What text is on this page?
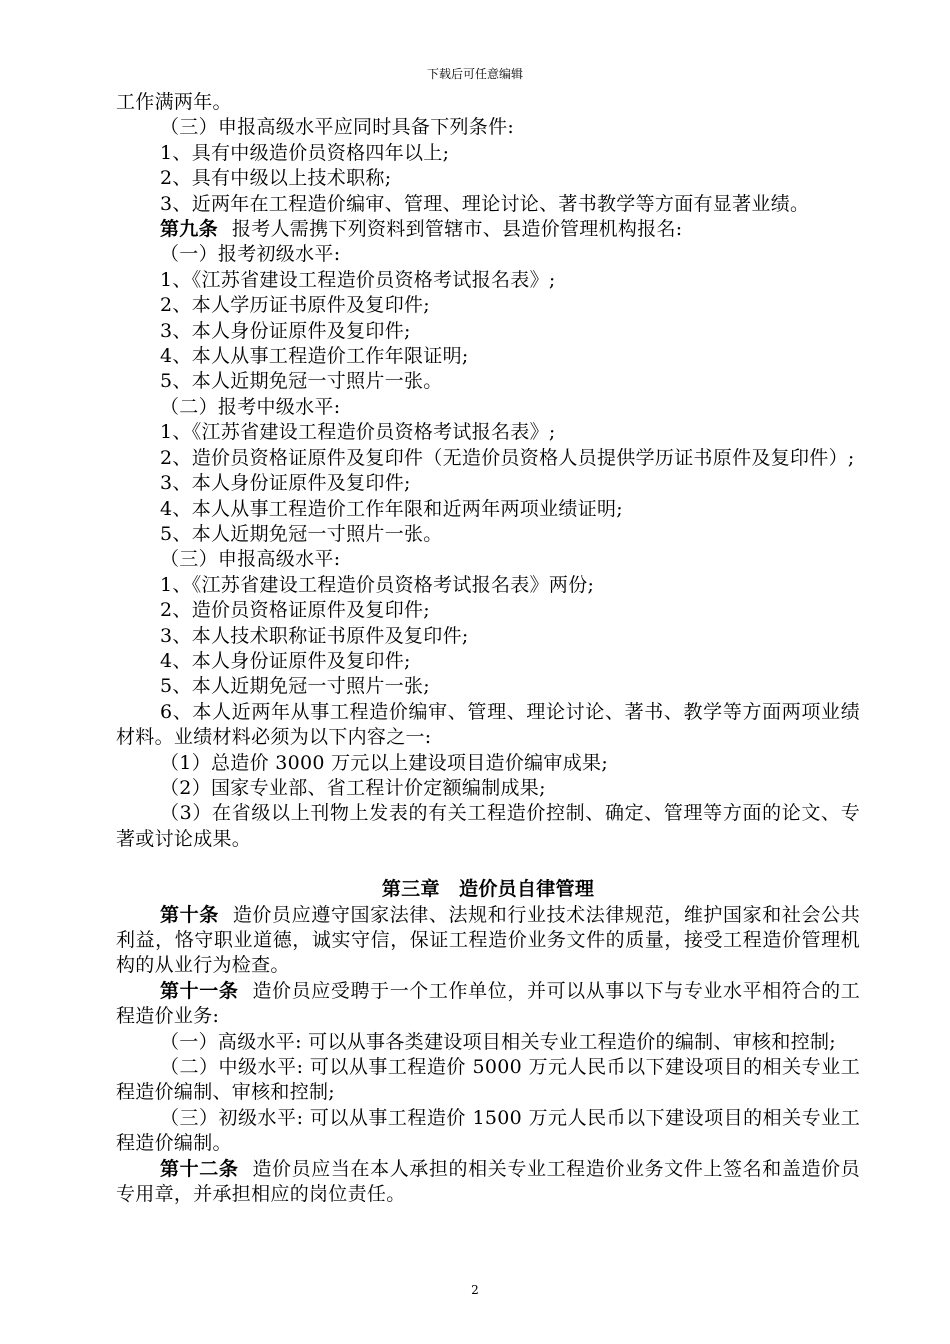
下载后可任意编辑

工作满两年。

（三）申报高级水平应同时具备下列条件:

1、具有中级造价员资格四年以上;

2、具有中级以上技术职称;

3、近两年在工程造价编审、管理、理论讨论、著书教学等方面有显著业绩。

第九条 报考人需携下列资料到管辖市、县造价管理机构报名:

（一）报考初级水平:

1、《江苏省建设工程造价员资格考试报名表》;

2、本人学历证书原件及复印件;

3、本人身份证原件及复印件;

4、本人从事工程造价工作年限证明;

5、本人近期免冠一寸照片一张。

（二）报考中级水平:

1、《江苏省建设工程造价员资格考试报名表》;

2、造价员资格证原件及复印件（无造价员资格人员提供学历证书原件及复印件）;

3、本人身份证原件及复印件;

4、本人从事工程造价工作年限和近两年两项业绩证明;

5、本人近期免冠一寸照片一张。

（三）申报高级水平:

1、《江苏省建设工程造价员资格考试报名表》两份;

2、造价员资格证原件及复印件;

3、本人技术职称证书原件及复印件;

4、本人身份证原件及复印件;

5、本人近期免冠一寸照片一张;

6、本人近两年从事工程造价编审、管理、理论讨论、著书、教学等方面两项业绩材料。业绩材料必须为以下内容之一:

（1）总造价 3000 万元以上建设项目造价编审成果;

（2）国家专业部、省工程计价定额编制成果;

（3）在省级以上刊物上发表的有关工程造价控制、确定、管理等方面的论文、专著或讨论成果。

第三章　造价员自律管理

第十条 造价员应遵守国家法律、法规和行业技术法律规范，维护国家和社会公共利益，恪守职业道德，诚实守信，保证工程造价业务文件的质量，接受工程造价管理机构的从业行为检查。

第十一条 造价员应受聘于一个工作单位，并可以从事以下与专业水平相符合的工程造价业务:

（一）高级水平: 可以从事各类建设项目相关专业工程造价的编制、审核和控制;

（二）中级水平: 可以从事工程造价 5000 万元人民币以下建设项目的相关专业工程造价编制、审核和控制;

（三）初级水平: 可以从事工程造价 1500 万元人民币以下建设项目的相关专业工程造价编制。

第十二条 造价员应当在本人承担的相关专业工程造价业务文件上签名和盖造价员专用章，并承担相应的岗位责任。

2
